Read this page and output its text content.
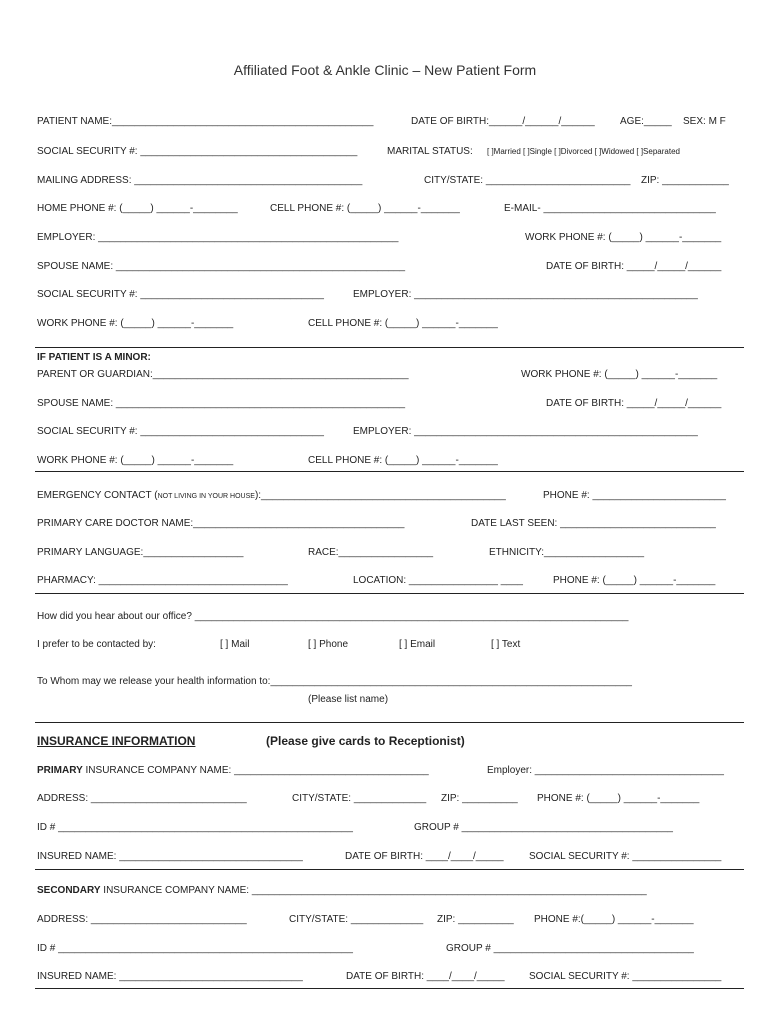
Affiliated Foot & Ankle Clinic – New Patient Form
PATIENT NAME:_______________________________________________	DATE OF BIRTH:______/______/______	AGE:_____ SEX: M F
SOCIAL SECURITY #: _______________________________________	MARITAL STATUS: [ ]Married [ ]Single [ ]Divorced [ ]Widowed [ ]Separated
MAILING ADDRESS: _________________________________________	CITY/STATE: __________________________ ZIP: ____________
HOME PHONE #: (_____) ______-________	CELL PHONE #: (_____) ______-_______	E-MAIL- _______________________________
EMPLOYER: ______________________________________________________	WORK PHONE #: (_____) ______-_______
SPOUSE NAME: ____________________________________________________	DATE OF BIRTH: _____/_____/______
SOCIAL SECURITY #: _________________________________	EMPLOYER: ___________________________________________________
WORK PHONE #: (_____) ______-_______	CELL PHONE #: (_____) ______-_______
IF PATIENT IS A MINOR:
PARENT OR GUARDIAN:______________________________________________	WORK PHONE #: (_____) ______-_______
SPOUSE NAME: ____________________________________________________	DATE OF BIRTH: _____/_____/______
SOCIAL SECURITY #: _________________________________	EMPLOYER: ___________________________________________________
WORK PHONE #: (_____) ______-_______	CELL PHONE #: (_____) ______-_______
EMERGENCY CONTACT (NOT LIVING IN YOUR HOUSE):____________________________________________	PHONE #: ________________________
PRIMARY CARE DOCTOR NAME:______________________________________	DATE LAST SEEN: ____________________________
PRIMARY LANGUAGE:__________________	RACE:_________________	ETHNICITY:__________________
PHARMACY: __________________________________	LOCATION: ________________ ____	PHONE #: (_____) ______-_______
How did you hear about our office? ______________________________________________________________________________
I prefer to be contacted by:	[ ] Mail	[ ] Phone	[ ] Email	[ ] Text
To Whom may we release your health information to:_________________________________________________________________
(Please list name)
INSURANCE INFORMATION	(Please give cards to Receptionist)
PRIMARY INSURANCE COMPANY NAME: ___________________________________	Employer: __________________________________
ADDRESS: ____________________________	CITY/STATE: _____________ ZIP: __________ PHONE #: (_____) ______-_______
ID # _____________________________________________________	GROUP # ______________________________________
INSURED NAME: _________________________________	DATE OF BIRTH: ____/____/_____	SOCIAL SECURITY #: ________________
SECONDARY INSURANCE COMPANY NAME: _______________________________________________________________________
ADDRESS: ____________________________	CITY/STATE: _____________ ZIP: __________ PHONE #:(_____) ______-_______
ID # _____________________________________________________	GROUP # ____________________________________
INSURED NAME: _________________________________	DATE OF BIRTH: ____/____/_____ SOCIAL SECURITY #: ________________
